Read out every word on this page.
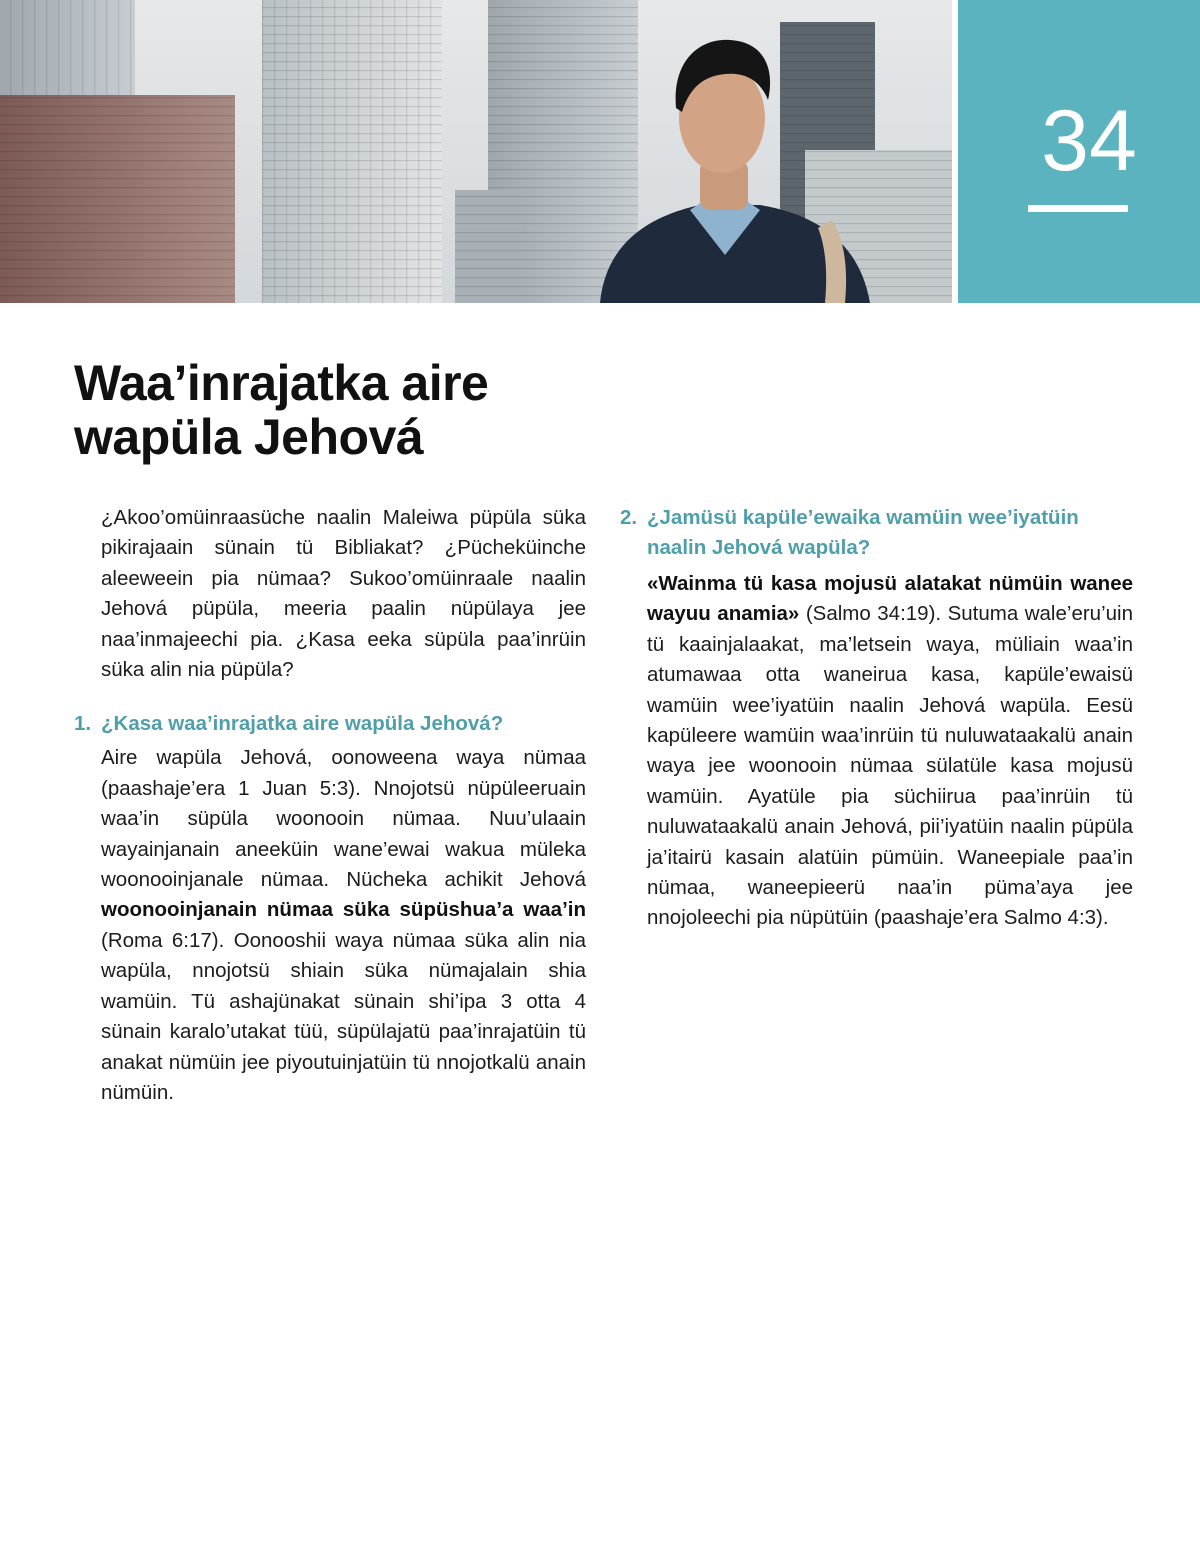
34
Waa’inrajatka aire
wapüla Jehová

¿Akoo’omüinraasüche naalin Maleiwa püpüla süka pikirajaain sünain tü Bibliakat? ¿Pücheküinche aleeweein pia nümaa? Sukoo’omüinraale naalin Jehová püpüla, meeria paalin nüpülaya jee naa’inmajeechi pia. ¿Kasa eeka süpüla paa’inrüin süka alin nia püpüla?

1. ¿Kasa waa’inrajatka aire wapüla Jehová?

Aire wapüla Jehová, oonoweena waya nümaa (paashaje’era 1 Juan 5:3). Nnojotsü nüpüleeruain waa’in süpüla woonooin nümaa. Nuu’ulaain wayainjanain aneeküin wane’ewai wakua müleka woonooinjanale nümaa. Nücheka achikit Jehová woonooinjanain nümaa süka süpüshua’a waa’in (Roma 6:17). Oonooshii waya nümaa süka alin nia wapüla, nnojotsü shiain süka nümajalain shia wamüin. Tü ashajünakat sünain shi’ipa 3 otta 4 sünain karalo’utakat tüü, süpülajatü paa’inrajatüin tü anakat nümüin jee piyoutuinjatüin tü nnojotkalü anain nümüin.

2. ¿Jamüsü kapüle’ewaika wamüin wee’iyatüin naalin Jehová wapüla?

«Wainma tü kasa mojusü alatakat nümüin wanee wayuu anamia» (Salmo 34:19). Sutuma wale’eru’uin tü kaainjalaakat, ma’letsein waya, müliain waa’in atumawaa otta waneirua kasa, kapüle’ewaisü wamüin wee’iyatüin naalin Jehová wapüla. Eesü kapüleere wamüin waa’inrüin tü nuluwataakalü anain waya jee woonooin nümaa sülatüle kasa mojusü wamüin. Ayatüle pia süchiirua paa’inrüin tü nuluwataakalü anain Jehová, pii’iyatüin naalin püpüla ja’itairü kasain alatüin pümüin. Waneepiale paa’in nümaa, waneepieerü naa’in püma’aya jee nnojoleechi pia nüpütüin (paashaje’era Salmo 4:3).
